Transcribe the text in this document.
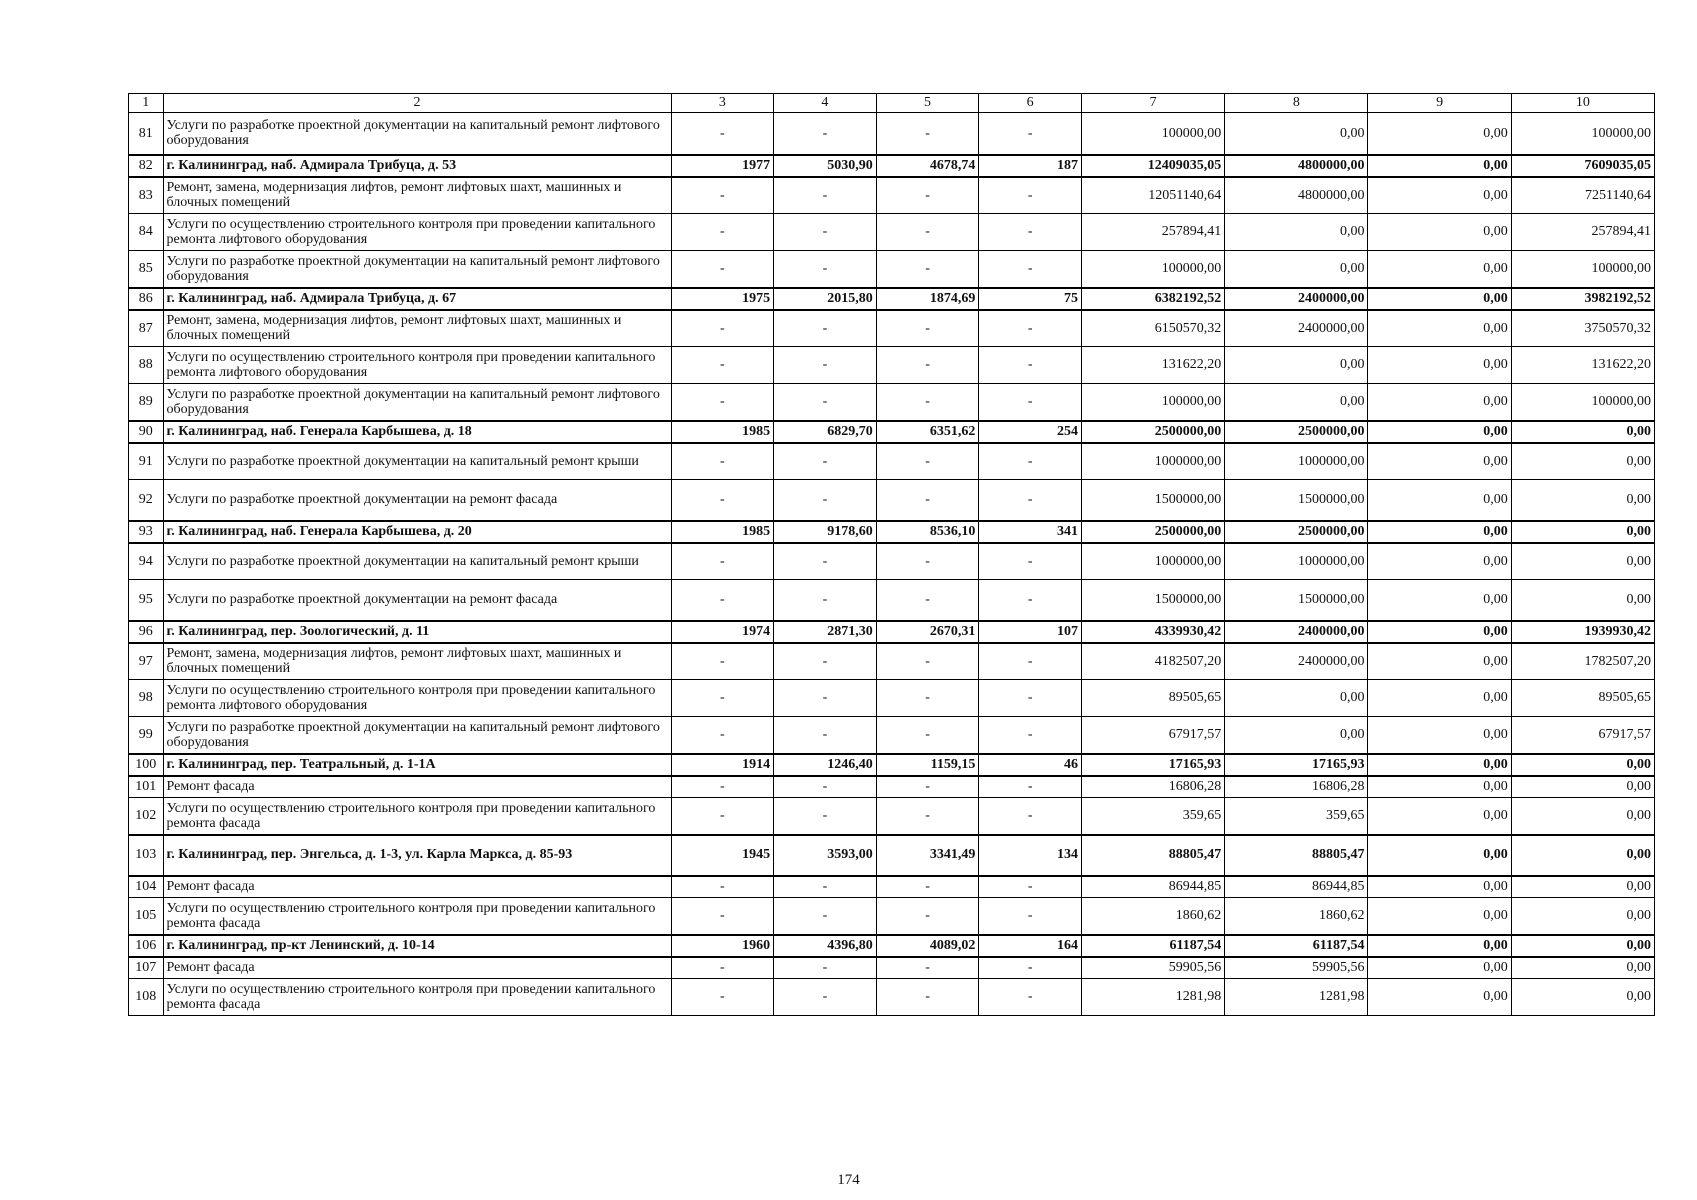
1	2	3	4	5	6	7	8	9	10
81	Услуги по разработке проектной документации на капитальный ремонт лифтового оборудования	-	-	-	-	100000,00	0,00	0,00	100000,00
82	г. Калининград, наб. Адмирала Трибуца, д. 53	1977	5030,90	4678,74	187	12409035,05	4800000,00	0,00	7609035,05
83	Ремонт, замена, модернизация лифтов, ремонт лифтовых шахт, машинных и блочных помещений	-	-	-	-	12051140,64	4800000,00	0,00	7251140,64
84	Услуги по осуществлению строительного контроля при проведении капитального ремонта лифтового оборудования	-	-	-	-	257894,41	0,00	0,00	257894,41
85	Услуги по разработке проектной документации на капитальный ремонт лифтового оборудования	-	-	-	-	100000,00	0,00	0,00	100000,00
86	г. Калининград, наб. Адмирала Трибуца, д. 67	1975	2015,80	1874,69	75	6382192,52	2400000,00	0,00	3982192,52
87	Ремонт, замена, модернизация лифтов, ремонт лифтовых шахт, машинных и блочных помещений	-	-	-	-	6150570,32	2400000,00	0,00	3750570,32
88	Услуги по осуществлению строительного контроля при проведении капитального ремонта лифтового оборудования	-	-	-	-	131622,20	0,00	0,00	131622,20
89	Услуги по разработке проектной документации на капитальный ремонт лифтового оборудования	-	-	-	-	100000,00	0,00	0,00	100000,00
90	г. Калининград, наб. Генерала Карбышева, д. 18	1985	6829,70	6351,62	254	2500000,00	2500000,00	0,00	0,00
91	Услуги по разработке проектной документации на капитальный ремонт крыши	-	-	-	-	1000000,00	1000000,00	0,00	0,00
92	Услуги по разработке проектной документации на ремонт фасада	-	-	-	-	1500000,00	1500000,00	0,00	0,00
93	г. Калининград, наб. Генерала Карбышева, д. 20	1985	9178,60	8536,10	341	2500000,00	2500000,00	0,00	0,00
94	Услуги по разработке проектной документации на капитальный ремонт крыши	-	-	-	-	1000000,00	1000000,00	0,00	0,00
95	Услуги по разработке проектной документации на ремонт фасада	-	-	-	-	1500000,00	1500000,00	0,00	0,00
96	г. Калининград, пер. Зоологический, д. 11	1974	2871,30	2670,31	107	4339930,42	2400000,00	0,00	1939930,42
97	Ремонт, замена, модернизация лифтов, ремонт лифтовых шахт, машинных и блочных помещений	-	-	-	-	4182507,20	2400000,00	0,00	1782507,20
98	Услуги по осуществлению строительного контроля при проведении капитального ремонта лифтового оборудования	-	-	-	-	89505,65	0,00	0,00	89505,65
99	Услуги по разработке проектной документации на капитальный ремонт лифтового оборудования	-	-	-	-	67917,57	0,00	0,00	67917,57
100	г. Калининград, пер. Театральный, д. 1-1А	1914	1246,40	1159,15	46	17165,93	17165,93	0,00	0,00
101	Ремонт фасада	-	-	-	-	16806,28	16806,28	0,00	0,00
102	Услуги по осуществлению строительного контроля при проведении капитального ремонта фасада	-	-	-	-	359,65	359,65	0,00	0,00
103	г. Калининград, пер. Энгельса, д. 1-3, ул. Карла Маркса, д. 85-93	1945	3593,00	3341,49	134	88805,47	88805,47	0,00	0,00
104	Ремонт фасада	-	-	-	-	86944,85	86944,85	0,00	0,00
105	Услуги по осуществлению строительного контроля при проведении капитального ремонта фасада	-	-	-	-	1860,62	1860,62	0,00	0,00
106	г. Калининград, пр-кт Ленинский, д. 10-14	1960	4396,80	4089,02	164	61187,54	61187,54	0,00	0,00
107	Ремонт фасада	-	-	-	-	59905,56	59905,56	0,00	0,00
108	Услуги по осуществлению строительного контроля при проведении капитального ремонта фасада	-	-	-	-	1281,98	1281,98	0,00	0,00
174
